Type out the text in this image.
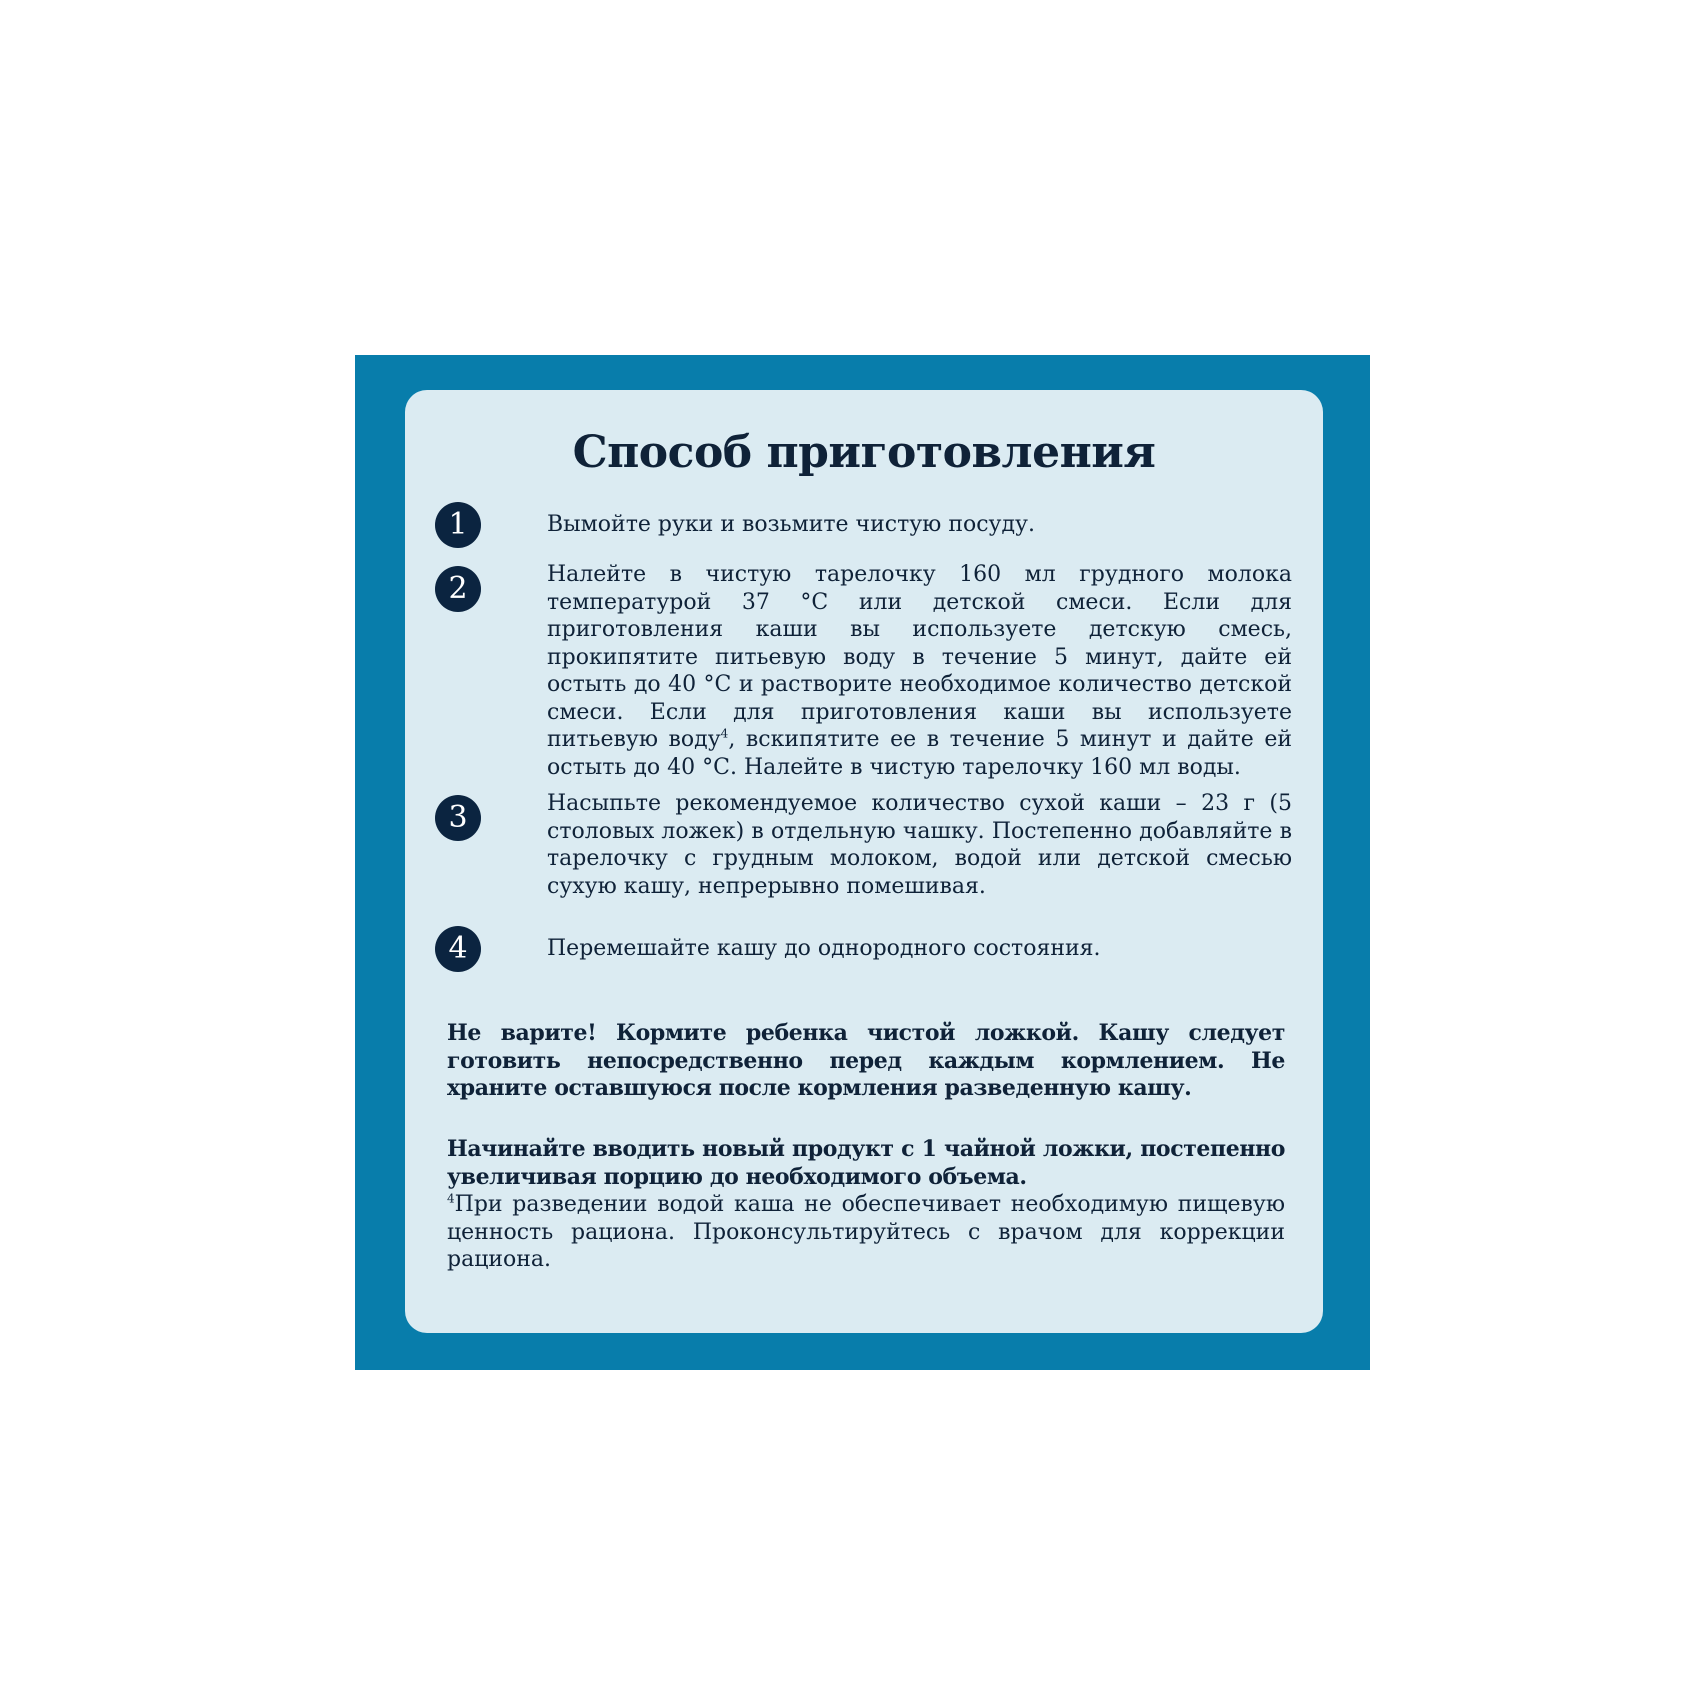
Способ приготовления
1	Вымойте руки и возьмите чистую посуду.
2	Налейте в чистую тарелочку 160 мл грудного молока температурой 37 °С или детской смеси. Если для приготовления каши вы используете детскую смесь, прокипятите питьевую воду в течение 5 минут, дайте ей остыть до 40 °С и растворите необходимое количество детской смеси. Если для приготовления каши вы используете питьевую воду$^4$, вскипятите ее в течение 5 минут и дайте ей остыть до 40 °С. Налейте в чистую тарелочку 160 мл воды.
3	Насыпьте рекомендуемое количество сухой каши – 23 г (5 столовых ложек) в отдельную чашку. Постепенно добавляйте в тарелочку с грудным молоком, водой или детской смесью сухую кашу, непрерывно помешивая.
4	Перемешайте кашу до однородного состояния.
Не варите! Кормите ребенка чистой ложкой. Кашу следует готовить непосредственно перед каждым кормлением. Не храните оставшуюся после кормления разведенную кашу.
Начинайте вводить новый продукт с 1 чайной ложки, постепенно увеличивая порцию до необходимого объема.
$^4$При разведении водой каша не обеспечивает необходимую пищевую ценность рациона. Проконсультируйтесь с врачом для коррекции рациона.
